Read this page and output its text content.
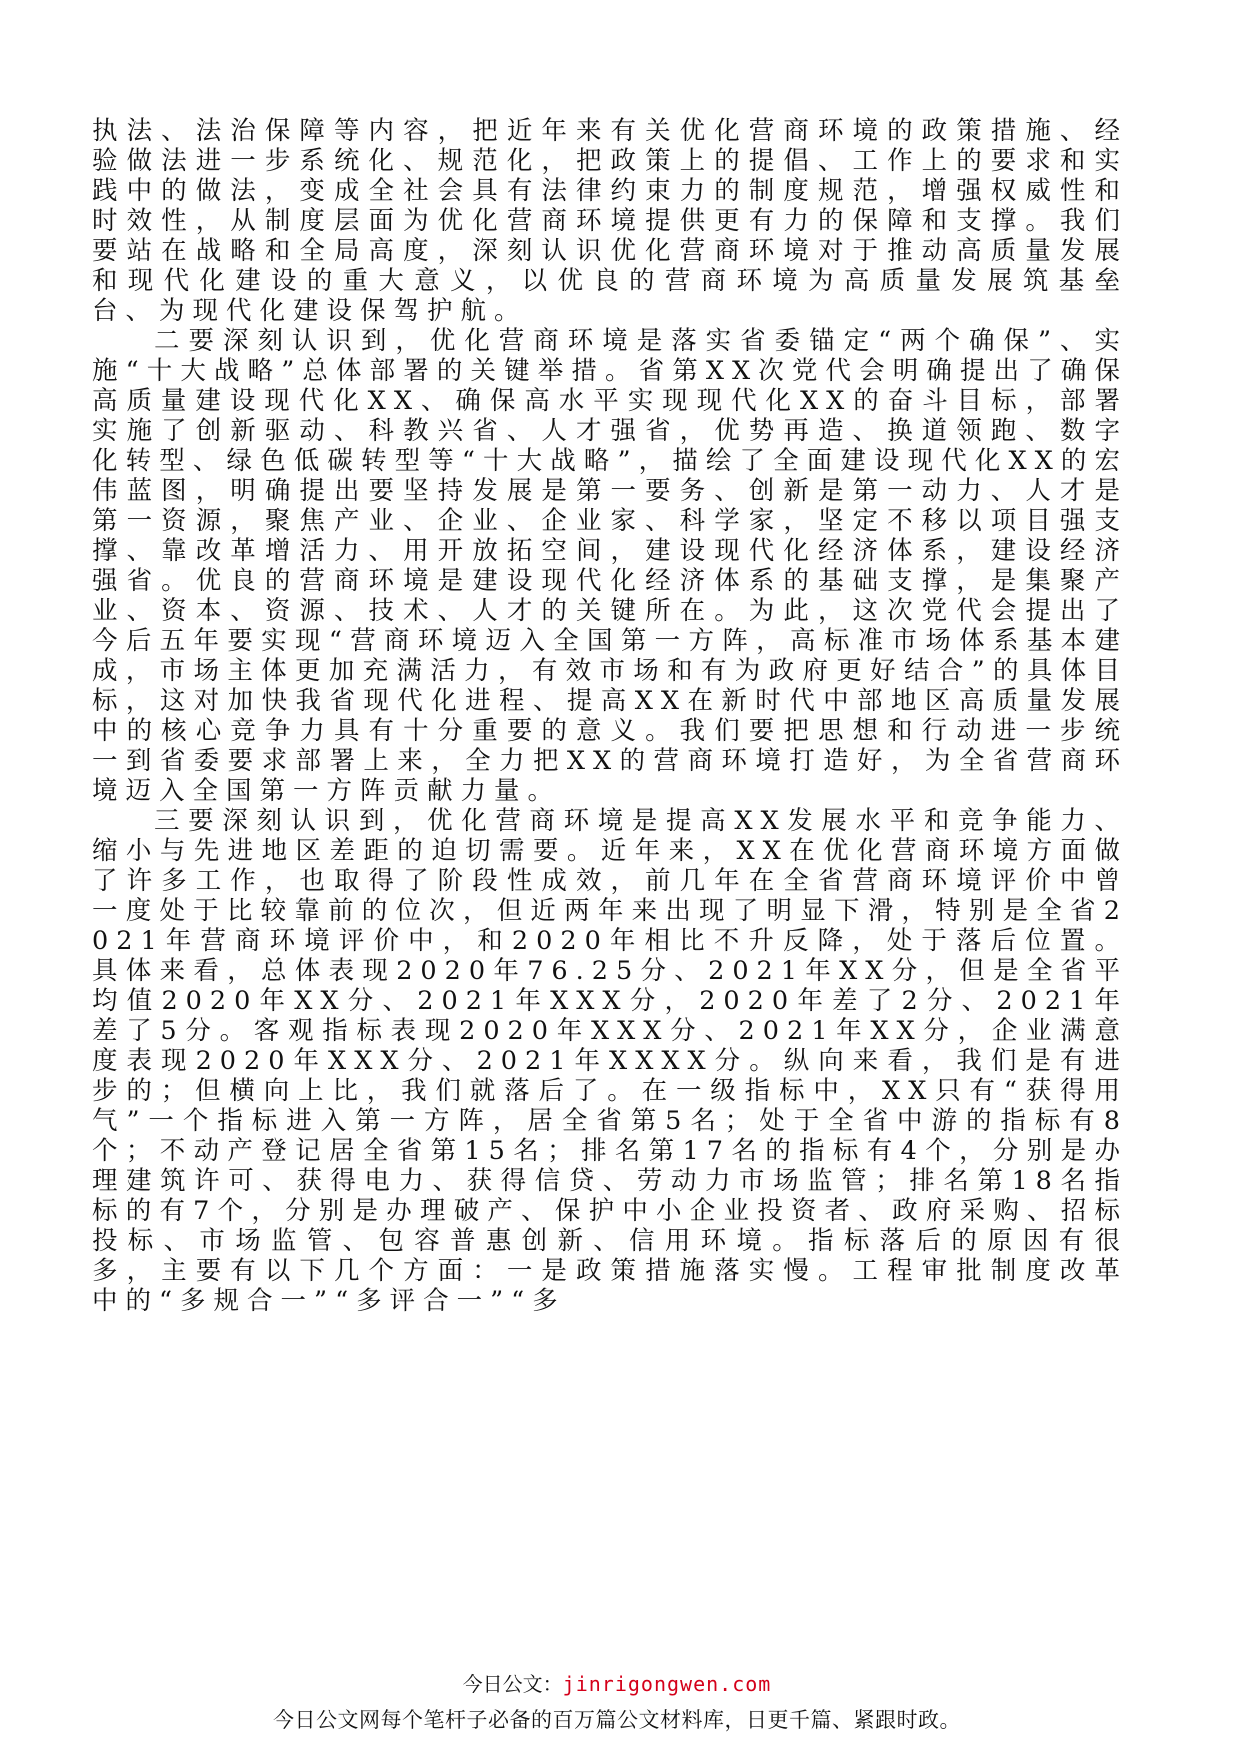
执法、法治保障等内容，把近年来有关优化营商环境的政策措施、经验做法进一步系统化、规范化，把政策上的提倡、工作上的要求和实践中的做法，变成全社会具有法律约束力的制度规范，增强权威性和时效性，从制度层面为优化营商环境提供更有力的保障和支撑。我们要站在战略和全局高度，深刻认识优化营商环境对于推动高质量发展和现代化建设的重大意义，以优良的营商环境为高质量发展筑基垒台、为现代化建设保驾护航。

二要深刻认识到，优化营商环境是落实省委锚定“两个确保”、实施“十大战略”总体部署的关键举措。省第XX次党代会明确提出了确保高质量建设现代化XX、确保高水平实现现代化XX的奋斗目标，部署实施了创新驱动、科教兴省、人才强省，优势再造、换道领跑、数字化转型、绿色低碳转型等“十大战略”，描绘了全面建设现代化XX的宏伟蓝图，明确提出要坚持发展是第一要务、创新是第一动力、人才是第一资源，聚焦产业、企业、企业家、科学家，坚定不移以项目强支撑、靠改革增活力、用开放拓空间，建设现代化经济体系，建设经济强省。优良的营商环境是建设现代化经济体系的基础支撑，是集聚产业、资本、资源、技术、人才的关键所在。为此，这次党代会提出了今后五年要实现“营商环境迈入全国第一方阵，高标准市场体系基本建成，市场主体更加充满活力，有效市场和有为政府更好结合”的具体目标，这对加快我省现代化进程、提高XX在新时代中部地区高质量发展中的核心竞争力具有十分重要的意义。我们要把思想和行动进一步统一到省委要求部署上来，全力把XX的营商环境打造好，为全省营商环境迈入全国第一方阵贡献力量。

三要深刻认识到，优化营商环境是提高XX发展水平和竞争能力、缩小与先进地区差距的迫切需要。近年来，XX在优化营商环境方面做了许多工作，也取得了阶段性成效，前几年在全省营商环境评价中曾一度处于比较靠前的位次，但近两年来出现了明显下滑，特别是全省2021年营商环境评价中，和2020年相比不升反降，处于落后位置。具体来看，总体表现2020年76.25分、2021年XX分，但是全省平均值2020年XX分、2021年XXX分，2020年差了2分、2021年差了5分。客观指标表现2020年XXX分、2021年XX分，企业满意度表现2020年XXX分、2021年XXXX分。纵向来看，我们是有进步的；但横向上比，我们就落后了。在一级指标中，XX只有“获得用气”一个指标进入第一方阵，居全省第5名；处于全省中游的指标有8个；不动产登记居全省第15名；排名第17名的指标有4个，分别是办理建筑许可、获得电力、获得信贷、劳动力市场监管；排名第18名指标的有7个，分别是办理破产、保护中小企业投资者、政府采购、招标投标、市场监管、包容普惠创新、信用环境。指标落后的原因有很多，主要有以下几个方面：一是政策措施落实慢。工程审批制度改革中的“多规合一”“多评合一”“多

今日公文：jinrigongwen.com
今日公文网每个笔杆子必备的百万篇公文材料库，日更千篇、紧跟时政。
